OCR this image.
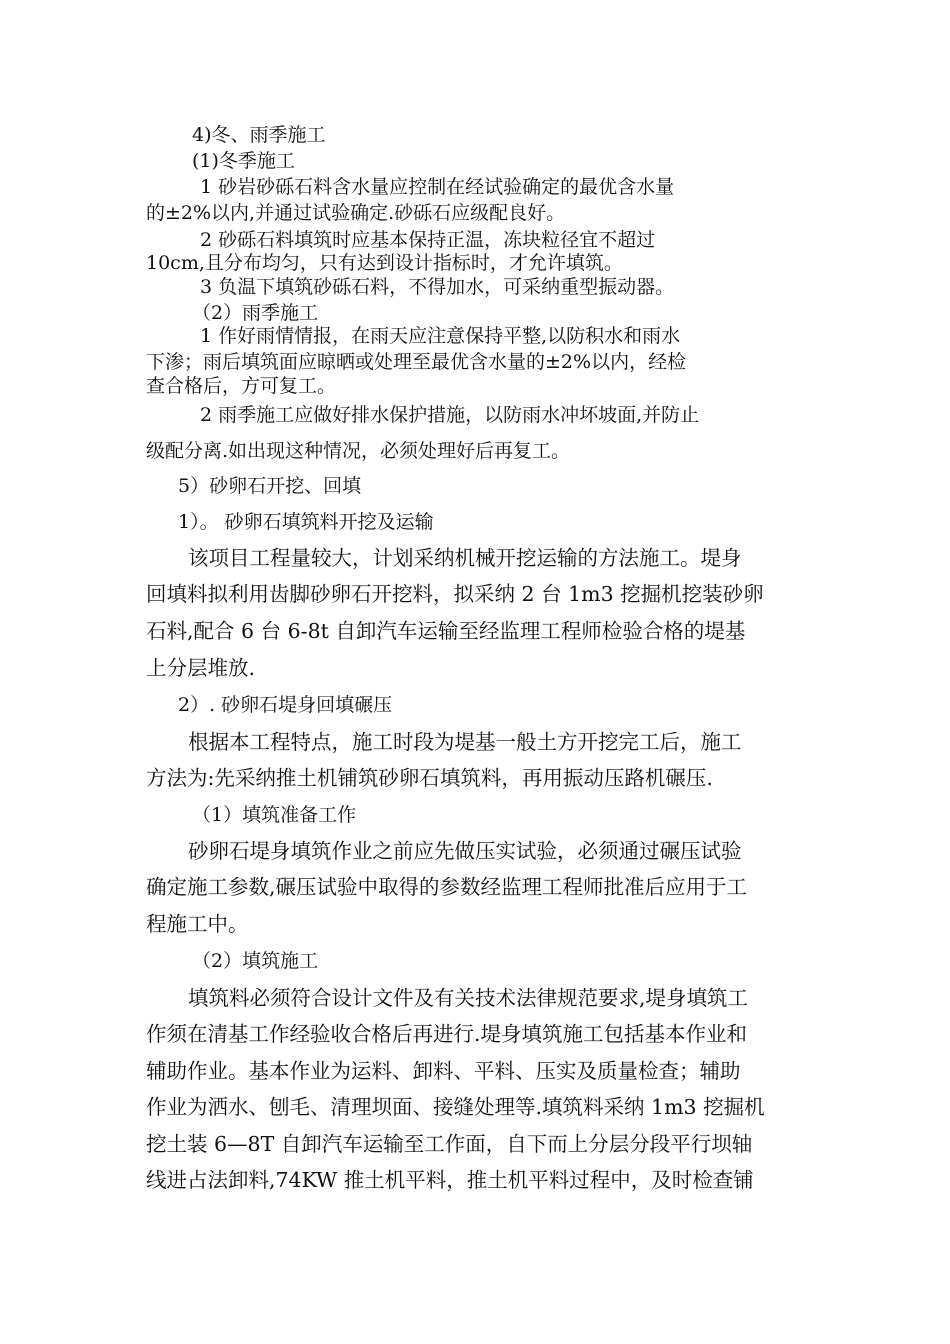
4)冬、雨季施工
(1)冬季施工
1 砂岩砂砾石料含水量应控制在经试验确定的最优含水量
的±2%以内,并通过试验确定.砂砾石应级配良好。
2 砂砾石料填筑时应基本保持正温，冻块粒径宜不超过
10cm,且分布均匀，只有达到设计指标时，才允许填筑。
3 负温下填筑砂砾石料，不得加水，可采纳重型振动器。
（2）雨季施工
1 作好雨情情报，在雨天应注意保持平整,以防积水和雨水
下渗；雨后填筑面应晾晒或处理至最优含水量的±2%以内，经检
查合格后，方可复工。
2 雨季施工应做好排水保护措施，以防雨水冲坏坡面,并防止
级配分离.如出现这种情况，必须处理好后再复工。
5）砂卵石开挖、回填
1）。 砂卵石填筑料开挖及运输
该项目工程量较大，计划采纳机械开挖运输的方法施工。堤身
回填料拟利用齿脚砂卵石开挖料，拟采纳 2 台 1m3 挖掘机挖装砂卵
石料,配合 6 台 6-8t 自卸汽车运输至经监理工程师检验合格的堤基
上分层堆放.
2）. 砂卵石堤身回填碾压
根据本工程特点，施工时段为堤基一般土方开挖完工后，施工
方法为:先采纳推土机铺筑砂卵石填筑料，再用振动压路机碾压.
（1）填筑准备工作
砂卵石堤身填筑作业之前应先做压实试验，必须通过碾压试验
确定施工参数,碾压试验中取得的参数经监理工程师批准后应用于工
程施工中。
（2）填筑施工
填筑料必须符合设计文件及有关技术法律规范要求,堤身填筑工
作须在清基工作经验收合格后再进行.堤身填筑施工包括基本作业和
辅助作业。基本作业为运料、卸料、平料、压实及质量检查；辅助
作业为洒水、刨毛、清理坝面、接缝处理等.填筑料采纳 1m3 挖掘机
挖土装 6—8T 自卸汽车运输至工作面，自下而上分层分段平行坝轴
线进占法卸料,74KW 推土机平料，推土机平料过程中，及时检查铺
